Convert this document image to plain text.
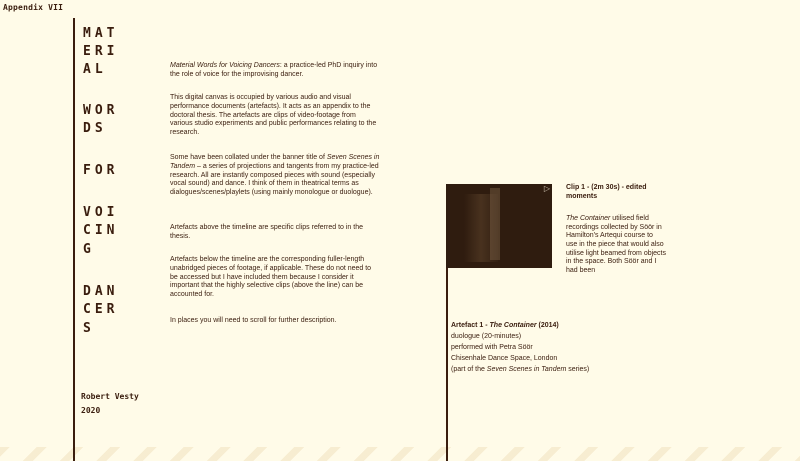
Appendix VII
MAT
ERI
AL
WOR
DS
FOR
VOI
CIN
G
DAN
CER
S
Robert Vesty
2020

Material Words for Voicing Dancers: a practice-led PhD inquiry into the role of voice for the improvising dancer.

This digital canvas is occupied by various audio and visual performance documents (artefacts). It acts as an appendix to the doctoral thesis. The artefacts are clips of video-footage from various studio experiments and public performances relating to the research.

Some have been collated under the banner title of Seven Scenes in Tandem – a series of projections and tangents from my practice-led research. All are instantly composed pieces with sound (especially vocal sound) and dance. I think of them in theatrical terms as dialogues/scenes/playlets (using mainly monologue or duologue).

Artefacts above the timeline are specific clips referred to in the thesis.

Artefacts below the timeline are the corresponding fuller-length unabridged pieces of footage, if applicable. These do not need to be accessed but I have included them because I consider it important that the highly selective clips (above the line) can be accounted for.

In places you will need to scroll for further description.

▷ Clip 1 - (2m 30s) - edited moments

The Container utilised field recordings collected by Söör in Hamilton's Artequi course to use in the piece that would also utilise light beamed from objects in the space. Both Söör and I had been

Artefact 1 - The Container (2014)
duologue (20-minutes)
performed with Petra Söör
Chisenhale Dance Space, London
(part of the Seven Scenes in Tandem series)
